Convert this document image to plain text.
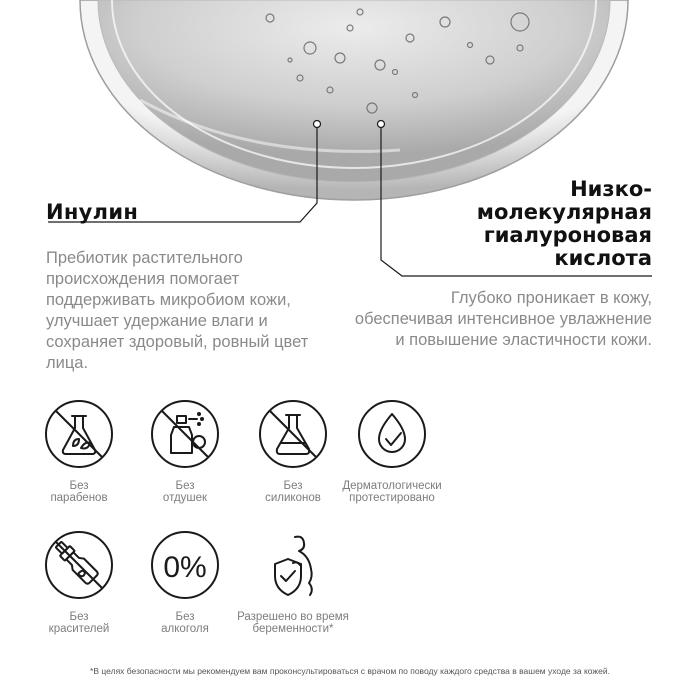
Инулин

Пребиотик растительного происхождения помогает поддерживать микробиом кожи, улучшает удержание влаги и сохраняет здоровый, ровный цвет лица.

Низко-
молекулярная
гиалуроновая
кислота

Глубоко проникает в кожу, обеспечивая интенсивное увлажнение и повышение эластичности кожи.

Без
парабенов
Без
отдушек
Без
силиконов
Дерматологически
протестировано
Без
красителей
0%
Без
алкоголя
Разрешено во время
беременности*

*В целях безопасности мы рекомендуем вам проконсультироваться с врачом по поводу каждого средства в вашем уходе за кожей.
